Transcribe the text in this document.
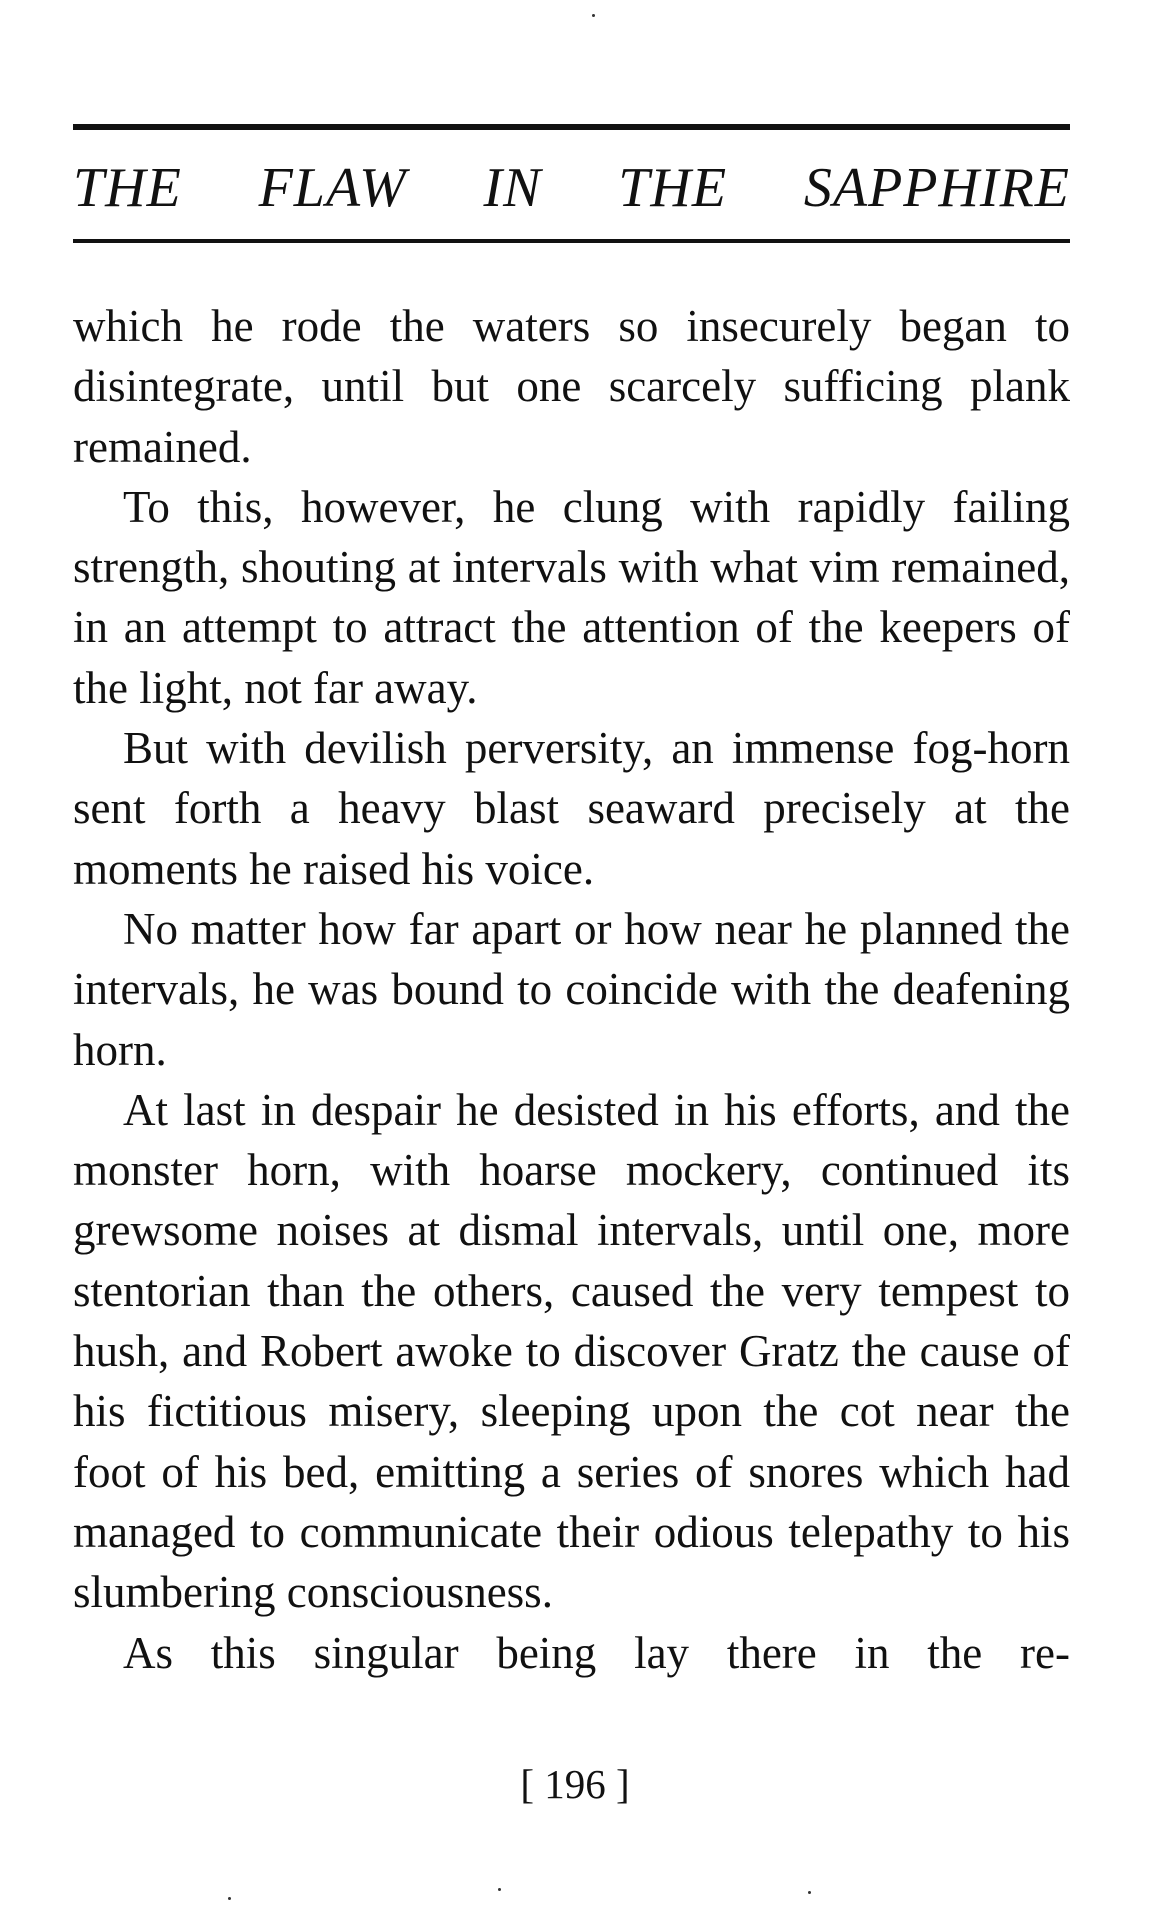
THE FLAW IN THE SAPPHIRE

which he rode the waters so insecurely began to disintegrate, until but one scarcely sufficing plank remained.

To this, however, he clung with rapidly failing strength, shouting at intervals with what vim remained, in an attempt to attract the attention of the keepers of the light, not far away.

But with devilish perversity, an immense fog-horn sent forth a heavy blast seaward precisely at the moments he raised his voice.

No matter how far apart or how near he planned the intervals, he was bound to coincide with the deafening horn.

At last in despair he desisted in his efforts, and the monster horn, with hoarse mockery, continued its grewsome noises at dismal intervals, until one, more stentorian than the others, caused the very tempest to hush, and Robert awoke to discover Gratz the cause of his fictitious misery, sleeping upon the cot near the foot of his bed, emitting a series of snores which had managed to communicate their odious telepathy to his slumbering consciousness.

As this singular being lay there in the re-

[ 196 ]
